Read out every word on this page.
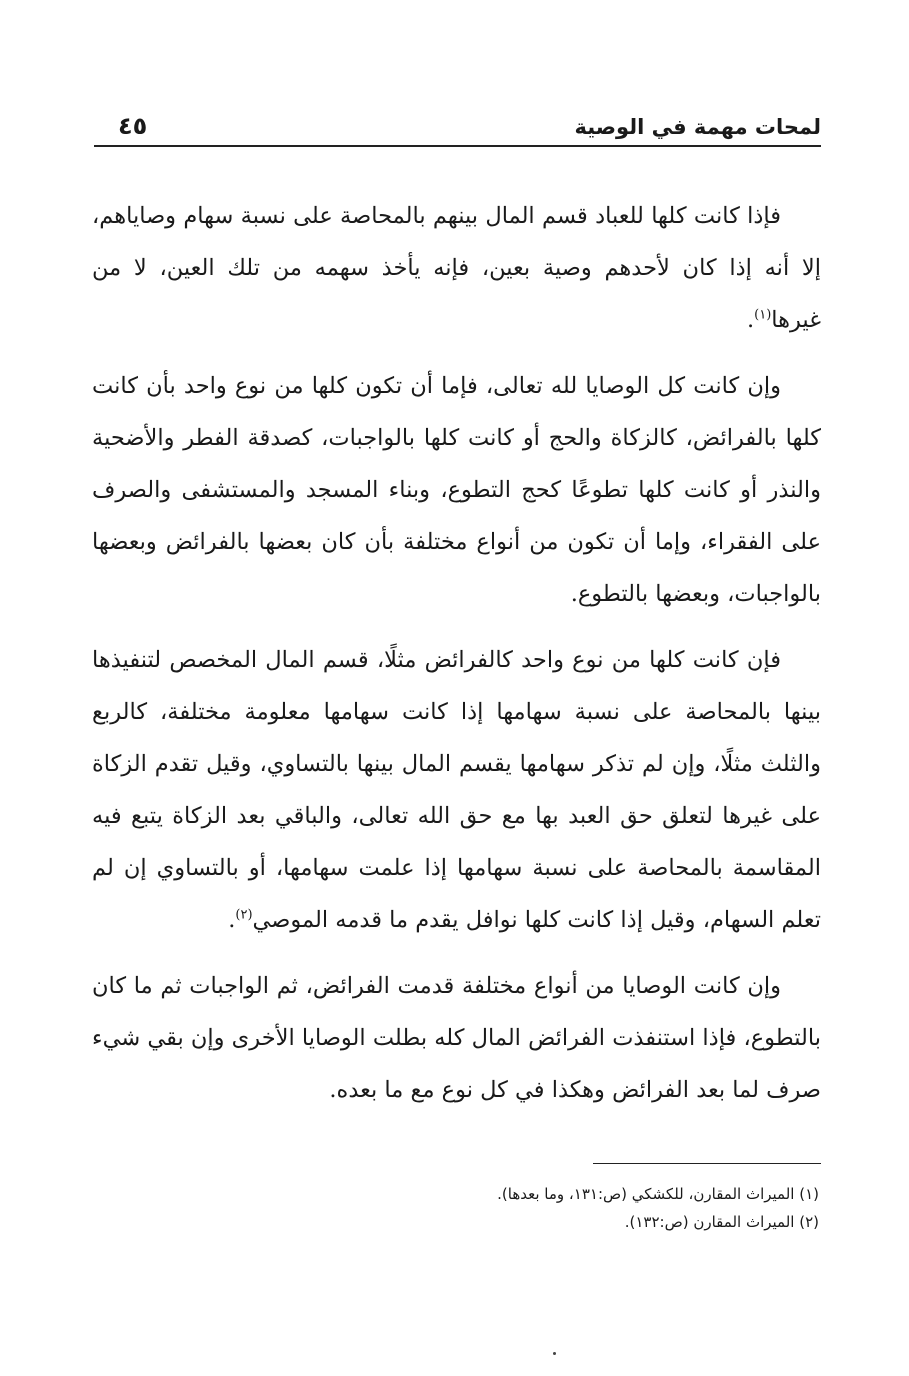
لمحات مهمة في الوصية
٤٥

فإذا كانت كلها للعباد قسم المال بينهم بالمحاصة على نسبة سهام وصاياهم، إلا أنه إذا كان لأحدهم وصية بعين، فإنه يأخذ سهمه من تلك العين، لا من غيرها$^{(١)}$.

وإن كانت كل الوصايا لله تعالى، فإما أن تكون كلها من نوع واحد بأن كانت كلها بالفرائض، كالزكاة والحج أو كانت كلها بالواجبات، كصدقة الفطر والأضحية والنذر أو كانت كلها تطوعًا كحج التطوع، وبناء المسجد والمستشفى والصرف على الفقراء، وإما أن تكون من أنواع مختلفة بأن كان بعضها بالفرائض وبعضها بالواجبات، وبعضها بالتطوع.

فإن كانت كلها من نوع واحد كالفرائض مثلًا، قسم المال المخصص لتنفيذها بينها بالمحاصة على نسبة سهامها إذا كانت سهامها معلومة مختلفة، كالربع والثلث مثلًا، وإن لم تذكر سهامها يقسم المال بينها بالتساوي، وقيل تقدم الزكاة على غيرها لتعلق حق العبد بها مع حق الله تعالى، والباقي بعد الزكاة يتبع فيه المقاسمة بالمحاصة على نسبة سهامها إذا علمت سهامها، أو بالتساوي إن لم تعلم السهام، وقيل إذا كانت كلها نوافل يقدم ما قدمه الموصي$^{(٢)}$.

وإن كانت الوصايا من أنواع مختلفة قدمت الفرائض، ثم الواجبات ثم ما كان بالتطوع، فإذا استنفذت الفرائض المال كله بطلت الوصايا الأخرى وإن بقي شيء صرف لما بعد الفرائض وهكذا في كل نوع مع ما بعده.

(١) الميراث المقارن، للكشكي (ص:١٣١، وما بعدها).

(٢) الميراث المقارن (ص:١٣٢).
